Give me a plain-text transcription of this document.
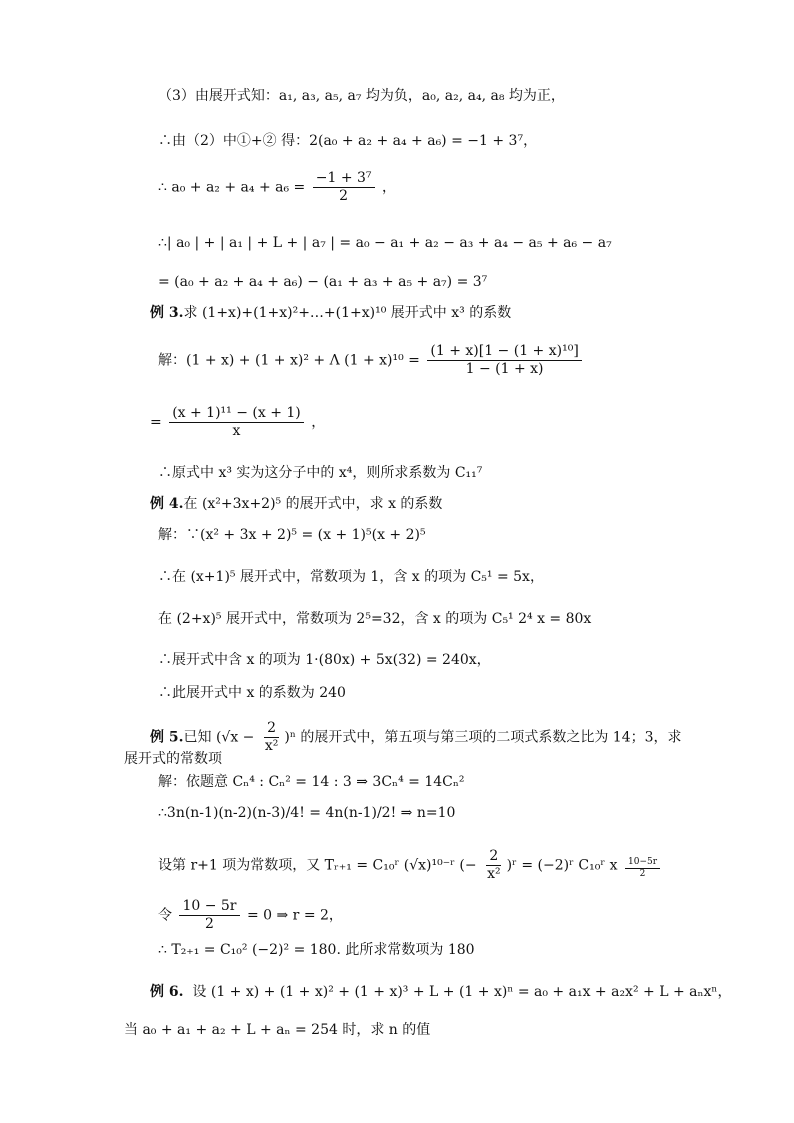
（3）由展开式知：a₁, a₃, a₅, a₇ 均为负，a₀, a₂, a₄, a₈ 均为正，
∴由（2）中①+② 得：2(a₀ + a₂ + a₄ + a₆) = −1 + 3⁷，
∴ $a_0 + a_2 + a_4 + a_6 = \frac{\text{−1 + 3⁷}}{2}$ ，
∴| a₀ | + | a₁ | + L + | a₇ | = a₀ − a₁ + a₂ − a₃ + a₄ − a₅ + a₆ − a₇
= (a₀ + a₂ + a₄ + a₆) − (a₁ + a₃ + a₅ + a₇) = 3⁷
例 3.求 (1+x)+(1+x)²+…+(1+x)¹⁰ 展开式中 x³ 的系数
解：(1 + x) + (1 + x)² + Λ $(1 + x)^{10} = \frac{\text{(1 + x)[1 − (1 + x)¹⁰]}}{1 - (1 + x)}$
= $\frac{\text{(x + 1)¹¹ − (x + 1)}}{x}$ ，
∴原式中 x³ 实为这分子中的 x⁴，则所求系数为 C₁₁⁷
例 4.在 (x²+3x+2)⁵ 的展开式中，求 x 的系数
解：∵(x² + 3x + 2)⁵ = (x + 1)⁵(x + 2)⁵
∴在 (x+1)⁵ 展开式中，常数项为 1，含 x 的项为 C₅¹ = 5x，
在 (2+x)⁵ 展开式中，常数项为 2⁵=32，含 x 的项为 C₅¹ 2⁴ x = 80x
∴展开式中含 x 的项为 1·(80x) + 5x(32) = 240x，
∴此展开式中 x 的系数为 240
例 5.已知 $(√x - \frac{2}{\text{x²}} )^n$ 的展开式中，第五项与第三项的二项式系数之比为 14；3，求
展开式的常数项
解：依题意 Cₙ⁴ : Cₙ² = 14 : 3 ⇒ 3Cₙ⁴ = 14Cₙ²
∴3n(n-1)(n-2)(n-3)/4! = 4n(n-1)/2! ⇒ n=10
设第 r+1 项为常数项，又 Tᵣ₊₁ = C₁₀ʳ (√x)¹⁰⁻ʳ (− $\frac{2}{\text{x²}}$ )ʳ = (−2)ʳ C₁₀ʳ x $\frac{10-5r}{2}$
令 $\frac{10 - 5r}{2} = 0$ ⇒ r = 2，
∴ T₂₊₁ = C₁₀² (−2)² = 180. 此所求常数项为 180
例 6. 设 (1 + x) + (1 + x)² + (1 + x)³ + L + (1 + x)ⁿ = a₀ + a₁x + a₂x² + L + aₙxⁿ，
当 a₀ + a₁ + a₂ + L + aₙ = 254 时，求 n 的值
